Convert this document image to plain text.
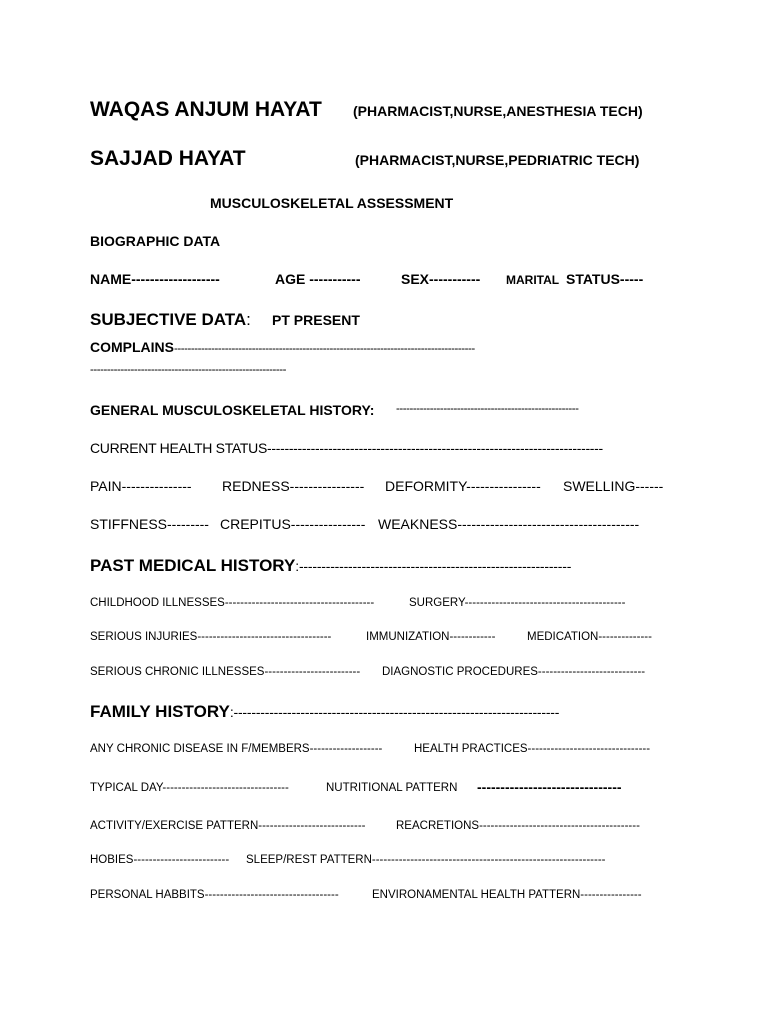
WAQAS ANJUM HAYAT (PHARMACIST,NURSE,ANESTHESIA TECH)
SAJJAD HAYAT	(PHARMACIST,NURSE,PEDRIATRIC TECH)
MUSCULOSKELETAL ASSESSMENT
BIOGRAPHIC DATA
NAME-------------------	AGE -----------	SEX----------- MARITAL STATUS-----
SUBJECTIVE DATA: PT PRESENT
COMPLAINS-----------------------------------------------------------------------------------------
----------------------------------------------------------
GENERAL MUSCULOSKELETAL HISTORY: ------------------------------------------------------
CURRENT HEALTH STATUS-----------------------------------------------------------------------------
PAIN--------------- REDNESS---------------- DEFORMITY---------------- SWELLING------
STIFFNESS--------- CREPITUS---------------- WEAKNESS---------------------------------------
PAST MEDICAL HISTORY:-------------------------------------------------------------
CHILDHOOD ILLNESSES---------------------------------------	SURGERY------------------------------------------
SERIOUS INJURIES-----------------------------------	IMMUNIZATION------------	MEDICATION--------------
SERIOUS CHRONIC ILLNESSES------------------------- DIAGNOSTIC PROCEDURES----------------------------
FAMILY HISTORY:-------------------------------------------------------------------------
ANY CHRONIC DISEASE IN F/MEMBERS-------------------	HEALTH PRACTICES--------------------------------
TYPICAL DAY---------------------------------	NUTRITIONAL PATTERN -------------------------------
ACTIVITY/EXERCISE PATTERN----------------------------	REACRETIONS------------------------------------------
HOBIES------------------------- SLEEP/REST PATTERN-------------------------------------------------------------
PERSONAL HABBITS-----------------------------------	ENVIRONAMENTAL HEALTH PATTERN----------------
